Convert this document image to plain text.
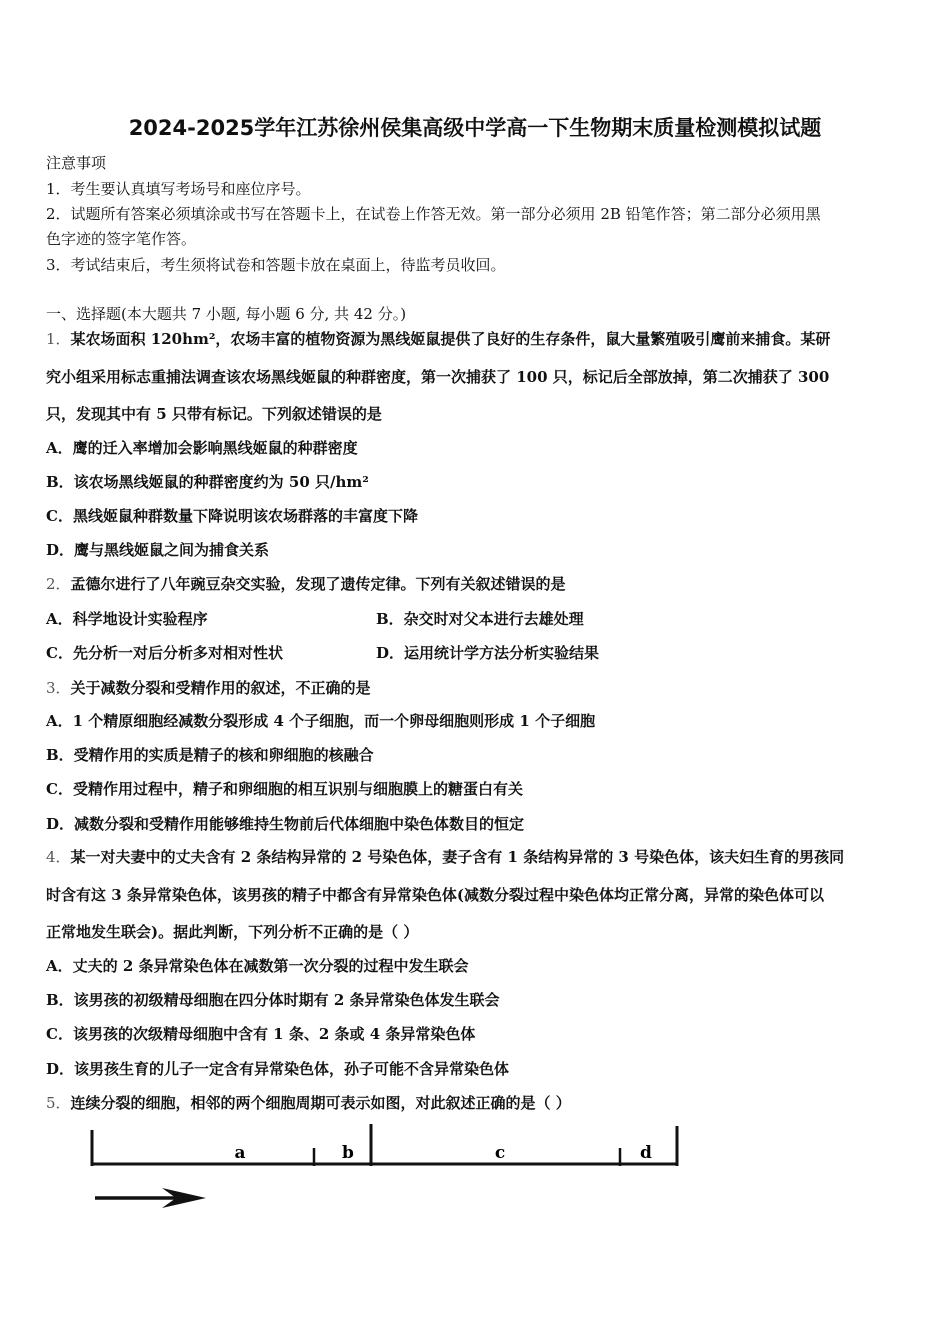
2024-2025学年江苏徐州侯集高级中学高一下生物期末质量检测模拟试题
注意事项
1．考生要认真填写考场号和座位序号。
2．试题所有答案必须填涂或书写在答题卡上，在试卷上作答无效。第一部分必须用 2B 铅笔作答；第二部分必须用黑
色字迹的签字笔作答。
3．考试结束后，考生须将试卷和答题卡放在桌面上，待监考员收回。
一、选择题(本大题共 7 小题, 每小题 6 分, 共 42 分。)
1．某农场面积 120hm²，农场丰富的植物资源为黑线姬鼠提供了良好的生存条件，鼠大量繁殖吸引鹰前来捕食。某研
究小组采用标志重捕法调查该农场黑线姬鼠的种群密度，第一次捕获了 100 只，标记后全部放掉，第二次捕获了 300
只，发现其中有 5 只带有标记。下列叙述错误的是
A．鹰的迁入率增加会影响黑线姬鼠的种群密度
B．该农场黑线姬鼠的种群密度约为 50 只/hm²
C．黑线姬鼠种群数量下降说明该农场群落的丰富度下降
D．鹰与黑线姬鼠之间为捕食关系
2．孟德尔进行了八年豌豆杂交实验，发现了遗传定律。下列有关叙述错误的是
A．科学地设计实验程序	B．杂交时对父本进行去雄处理
C．先分析一对后分析多对相对性状	D．运用统计学方法分析实验结果
3．关于减数分裂和受精作用的叙述，不正确的是
A．1 个精原细胞经减数分裂形成 4 个子细胞，而一个卵母细胞则形成 1 个子细胞
B．受精作用的实质是精子的核和卵细胞的核融合
C．受精作用过程中，精子和卵细胞的相互识别与细胞膜上的糖蛋白有关
D．减数分裂和受精作用能够维持生物前后代体细胞中染色体数目的恒定
4．某一对夫妻中的丈夫含有 2 条结构异常的 2 号染色体，妻子含有 1 条结构异常的 3 号染色体，该夫妇生育的男孩同
时含有这 3 条异常染色体，该男孩的精子中都含有异常染色体(减数分裂过程中染色体均正常分离，异常的染色体可以
正常地发生联会)。据此判断，下列分析不正确的是（ ）
A．丈夫的 2 条异常染色体在减数第一次分裂的过程中发生联会
B．该男孩的初级精母细胞在四分体时期有 2 条异常染色体发生联会
C．该男孩的次级精母细胞中含有 1 条、2 条或 4 条异常染色体
D．该男孩生育的儿子一定含有异常染色体，孙子可能不含异常染色体
5．连续分裂的细胞，相邻的两个细胞周期可表示如图，对此叙述正确的是（ ）
a	b	c	d
